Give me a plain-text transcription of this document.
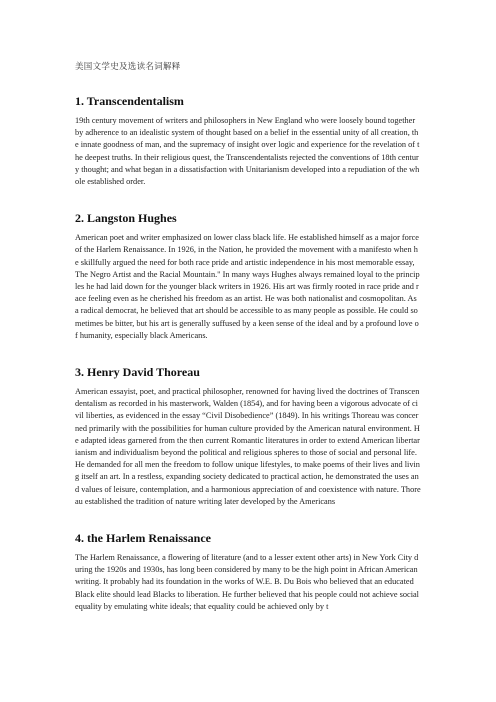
美国文学史及选读名词解释
1. Transcendentalism

19th century movement of writers and philosophers in New England who were loosely bound together by adherence to an idealistic system of thought based on a belief in the essential unity of all creation, the innate goodness of man, and the supremacy of insight over logic and experience for the revelation of the deepest truths. In their religious quest, the Transcendentalists rejected the conventions of 18th century thought; and what began in a dissatisfaction with Unitarianism developed into a repudiation of the whole established order.

2. Langston Hughes

American poet and writer emphasized on lower class black life. He established himself as a major force of the Harlem Renaissance. In 1926, in the Nation, he provided the movement with a manifesto when he skillfully argued the need for both race pride and artistic independence in his most memorable essay, The Negro Artist and the Racial Mountain." In many ways Hughes always remained loyal to the principles he had laid down for the younger black writers in 1926. His art was firmly rooted in race pride and race feeling even as he cherished his freedom as an artist. He was both nationalist and cosmopolitan. As a radical democrat, he believed that art should be accessible to as many people as possible. He could sometimes be bitter, but his art is generally suffused by a keen sense of the ideal and by a profound love of humanity, especially black Americans.

3. Henry David Thoreau

American essayist, poet, and practical philosopher, renowned for having lived the doctrines of Transcendentalism as recorded in his masterwork, Walden (1854), and for having been a vigorous advocate of civil liberties, as evidenced in the essay “Civil Disobedience” (1849). In his writings Thoreau was concerned primarily with the possibilities for human culture provided by the American natural environment. He adapted ideas garnered from the then current Romantic literatures in order to extend American libertarianism and individualism beyond the political and religious spheres to those of social and personal life. He demanded for all men the freedom to follow unique lifestyles, to make poems of their lives and living itself an art. In a restless, expanding society dedicated to practical action, he demonstrated the uses and values of leisure, contemplation, and a harmonious appreciation of and coexistence with nature. Thoreau established the tradition of nature writing later developed by the Americans

4. the Harlem Renaissance

The Harlem Renaissance, a flowering of literature (and to a lesser extent other arts) in New York City during the 1920s and 1930s, has long been considered by many to be the high point in African American writing. It probably had its foundation in the works of W.E. B. Du Bois who believed that an educated Black elite should lead Blacks to liberation. He further believed that his people could not achieve social equality by emulating white ideals; that equality could be achieved only by t
